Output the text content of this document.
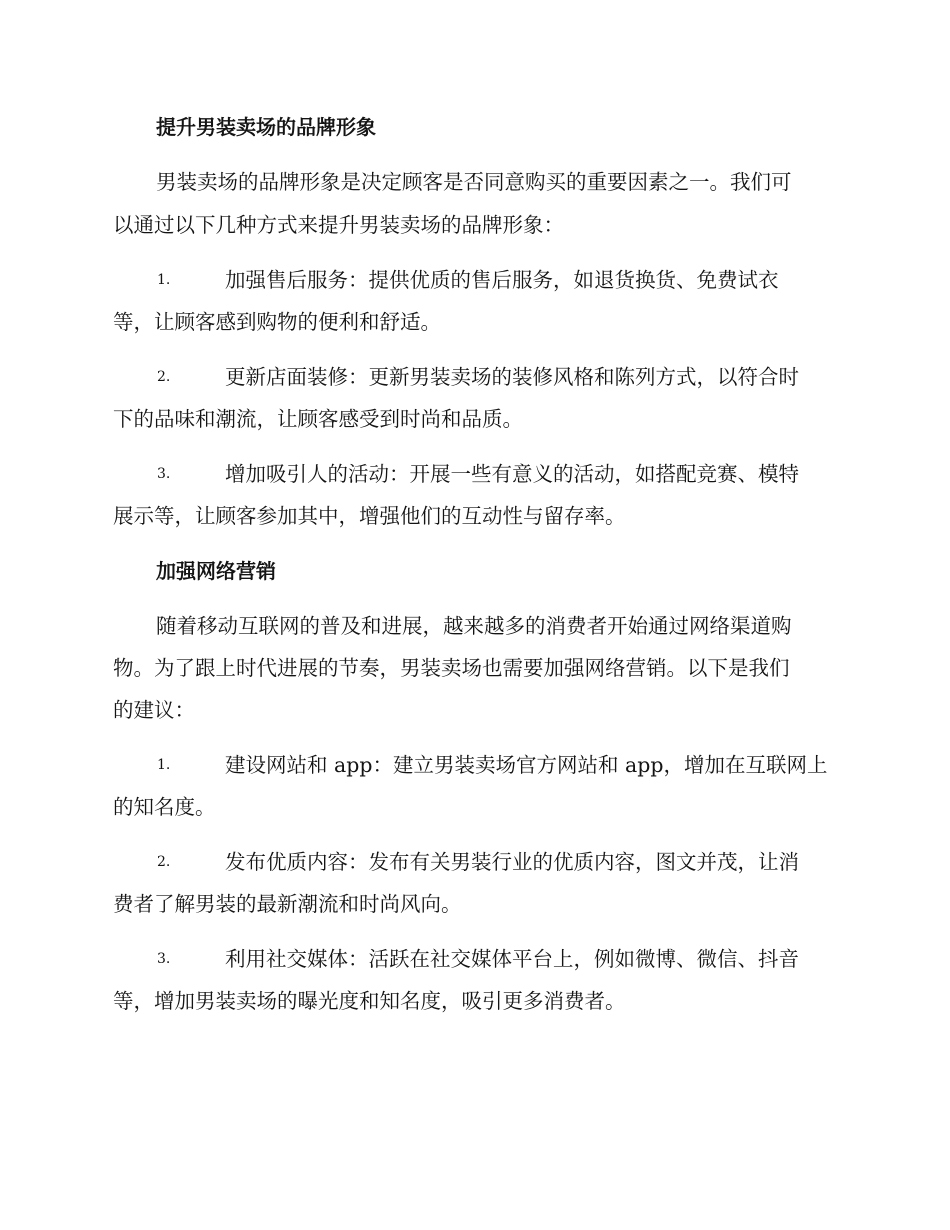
提升男装卖场的品牌形象

男装卖场的品牌形象是决定顾客是否同意购买的重要因素之一。我们可

以通过以下几种方式来提升男装卖场的品牌形象：

1.	加强售后服务：提供优质的售后服务，如退货换货、免费试衣

等，让顾客感到购物的便利和舒适。

2.	更新店面装修：更新男装卖场的装修风格和陈列方式，以符合时

下的品味和潮流，让顾客感受到时尚和品质。

3.	增加吸引人的活动：开展一些有意义的活动，如搭配竞赛、模特

展示等，让顾客参加其中，增强他们的互动性与留存率。

加强网络营销

随着移动互联网的普及和进展，越来越多的消费者开始通过网络渠道购

物。为了跟上时代进展的节奏，男装卖场也需要加强网络营销。以下是我们

的建议：

1.	建设网站和 app：建立男装卖场官方网站和 app，增加在互联网上

的知名度。

2.	发布优质内容：发布有关男装行业的优质内容，图文并茂，让消

费者了解男装的最新潮流和时尚风向。

3.	利用社交媒体：活跃在社交媒体平台上，例如微博、微信、抖音

等，增加男装卖场的曝光度和知名度，吸引更多消费者。
